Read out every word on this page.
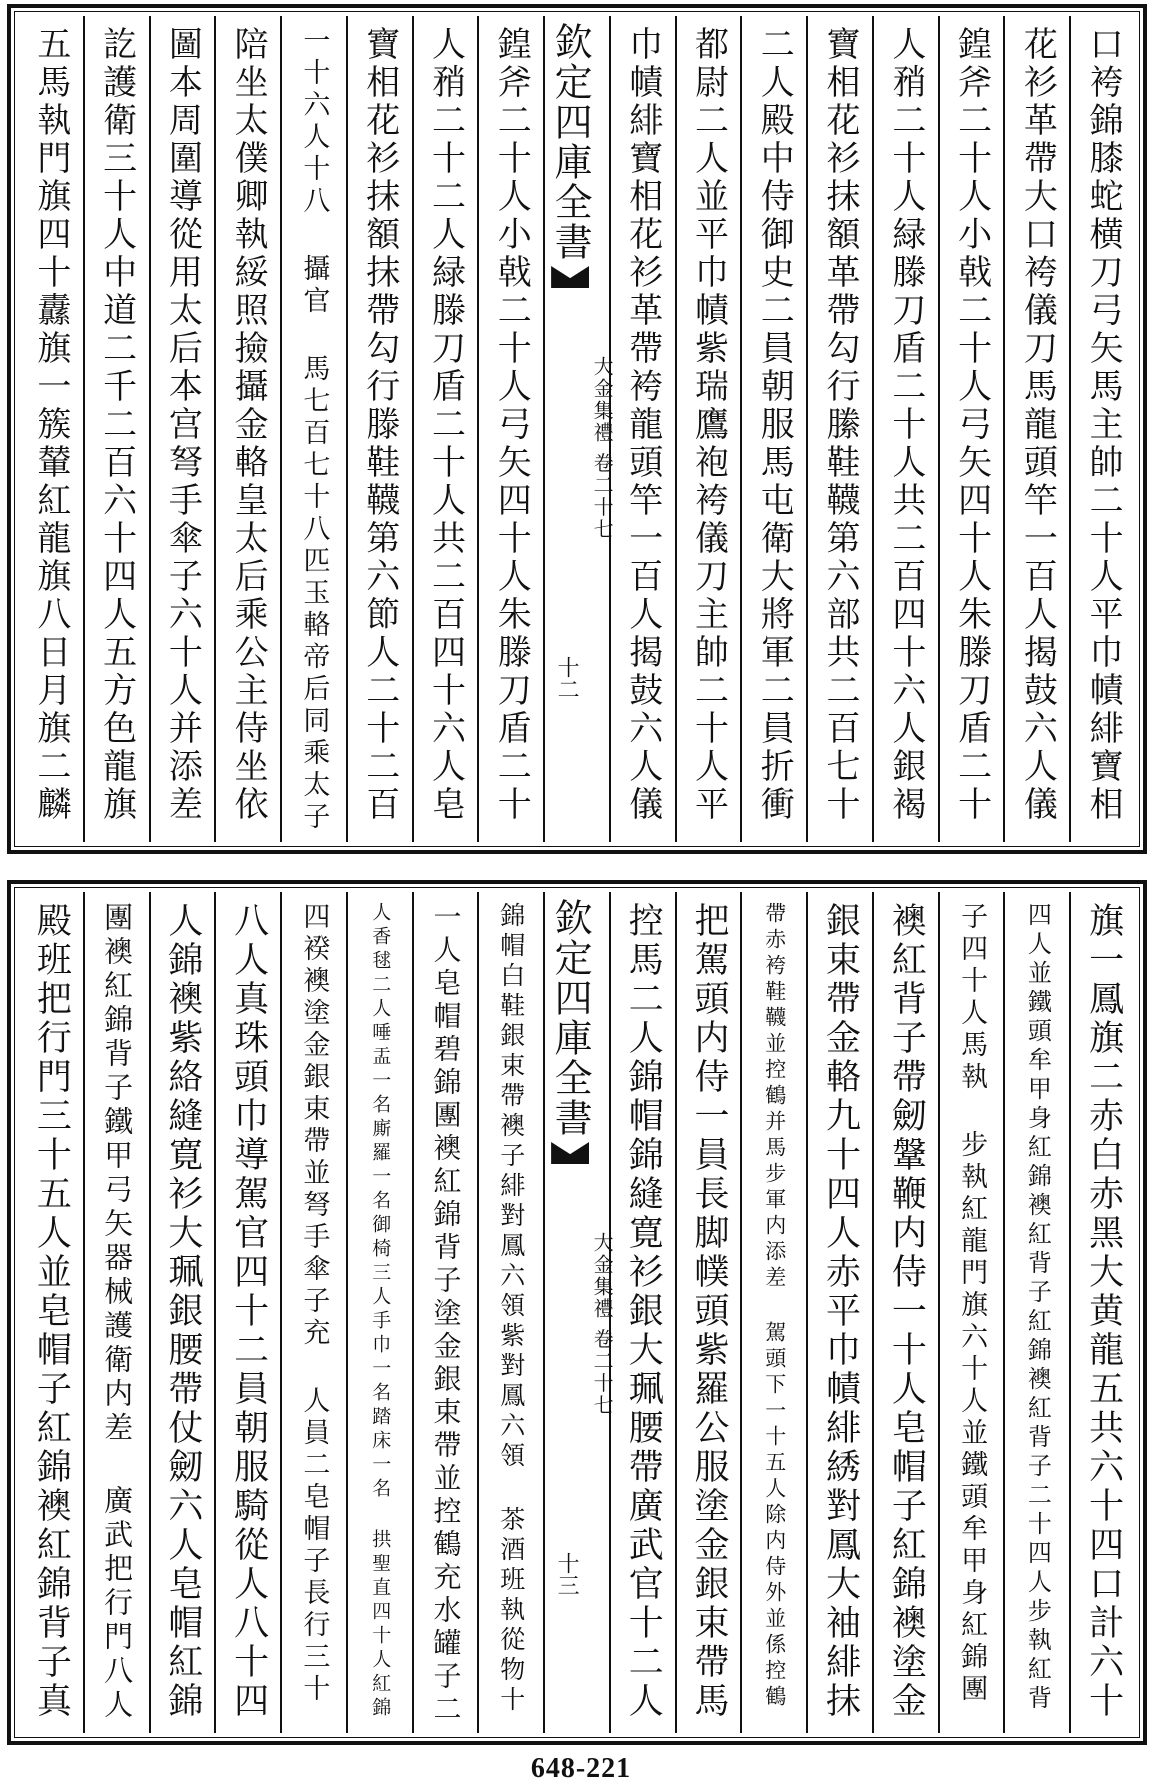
口袴錦膝蛇横刀弓矢馬主帥二十人平巾幘緋寶相
花衫革帶大口袴儀刀馬龍頭竿一百人揭鼓六人儀
鍠斧二十人小戟二十人弓矢四十人朱滕刀盾二十
人矟二十人緑滕刀盾二十人共二百四十六人銀褐
寶相花衫抹額革帶勾行縢鞋韈第六部共二百七十
二人殿中侍御史二員朝服馬屯衛大將軍二員折衝
都尉二人並平巾幘紫瑞鷹袍袴儀刀主帥二十人平
巾幘緋寶相花衫革帶袴龍頭竿一百人揭鼓六人儀
欽定四庫全書
大金集禮 卷二十七
十二
鍠斧二十人小戟二十人弓矢四十人朱滕刀盾二十
人矟二十二人緑滕刀盾二十人共二百四十六人皂
寶相花衫抹額抹帶勾行滕鞋韈第六節人二十二百
一十六人十八 攝官 馬七百七十八匹玉輅帝后同乘太子
陪坐太僕卿執綏照撿攝金輅皇太后乘公主侍坐依
圖本周圍導從用太后本宫弩手傘子六十人并添差
訖護衛三十人中道二千二百六十四人五方色龍旗
五馬執門旗四十纛旗一簇輦紅龍旗八日月旗二麟
旗一鳳旗二赤白赤黑大黄龍五共六十四口計六十
四人並鐵頭牟甲身紅錦襖紅背子紅錦襖紅背子二十四人步執紅背
子四十人馬執 步執紅龍門旗六十人並鐵頭牟甲身紅錦團
襖紅背子帶劒鞶鞭内侍一十人皂帽子紅錦襖塗金
銀束帶金輅九十四人赤平巾幘緋綉對鳳大袖緋抹
帶赤袴鞋韈並控鶴并馬步軍内添差 駕頭下一十五人除内侍外並係控鶴
把駕頭内侍一員長脚幞頭紫羅公服塗金銀束帶馬
控馬二人錦帽錦縫寛衫銀大珮腰帶廣武官十二人
欽定四庫全書
大金集禮 卷二十七
十三
錦帽白鞋銀束帶襖子緋對鳳六領紫對鳳六領 茶酒班執從物十
一人皂帽碧錦團襖紅錦背子塗金銀束帶並控鶴充水罐子二
人香毬二人唾盂一名廝羅一名御椅三人手巾一名踏床一名 拱聖直四十人紅錦
四䙆襖塗金銀束帶並弩手傘子充 人員二皂帽子長行三十
八人真珠頭巾導駕官四十二員朝服騎從人八十四
人錦襖紫絡縫寛衫大珮銀腰帶仗劒六人皂帽紅錦
團襖紅錦背子鐵甲弓矢器械護衛内差 廣武把行門八人
殿班把行門三十五人並皂帽子紅錦襖紅錦背子真
648-221
